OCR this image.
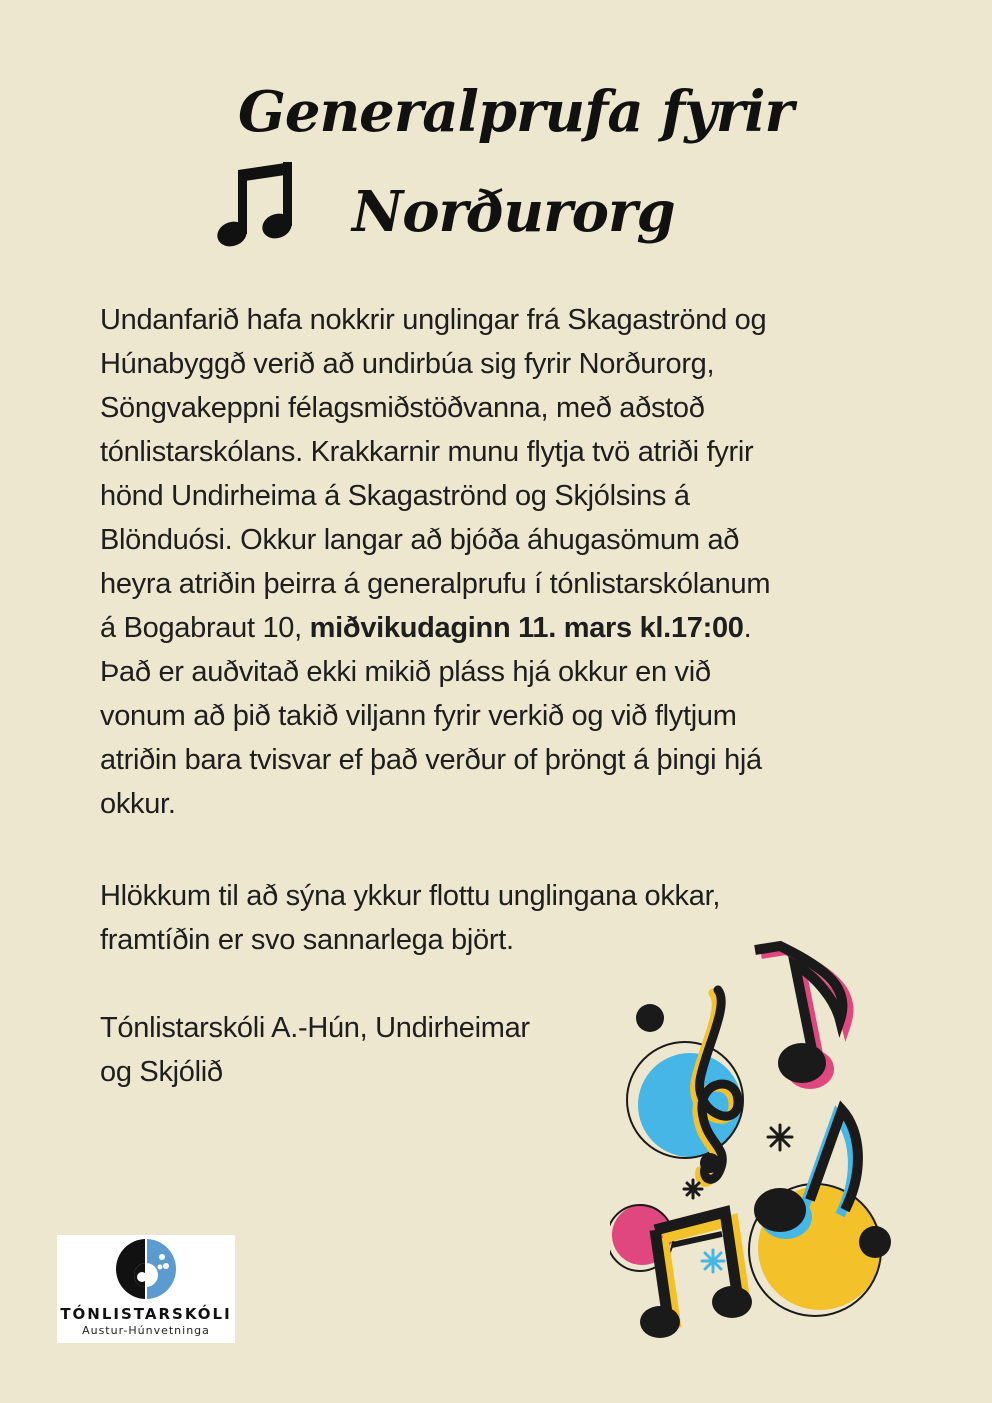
Generalprufa fyrir
Norðurorg
Undanfarið hafa nokkrir unglingar frá Skagaströnd og
Húnabyggð verið að undirbúa sig fyrir Norðurorg,
Söngvakeppni félagsmiðstöðvanna, með aðstoð
tónlistarskólans. Krakkarnir munu flytja tvö atriði fyrir
hönd Undirheima á Skagaströnd og Skjólsins á
Blönduósi. Okkur langar að bjóða áhugasömum að
heyra atriðin þeirra á generalprufu í tónlistarskólanum
á Bogabraut 10, miðvikudaginn 11. mars kl.17:00.
Það er auðvitað ekki mikið pláss hjá okkur en við
vonum að þið takið viljann fyrir verkið og við flytjum
atriðin bara tvisvar ef það verður of þröngt á þingi hjá
okkur.
Hlökkum til að sýna ykkur flottu unglingana okkar,
framtíðin er svo sannarlega björt.
Tónlistarskóli A.-Hún, Undirheimar
og Skjólið
TÓNLISTARSKÓLI
Austur-Húnvetninga
